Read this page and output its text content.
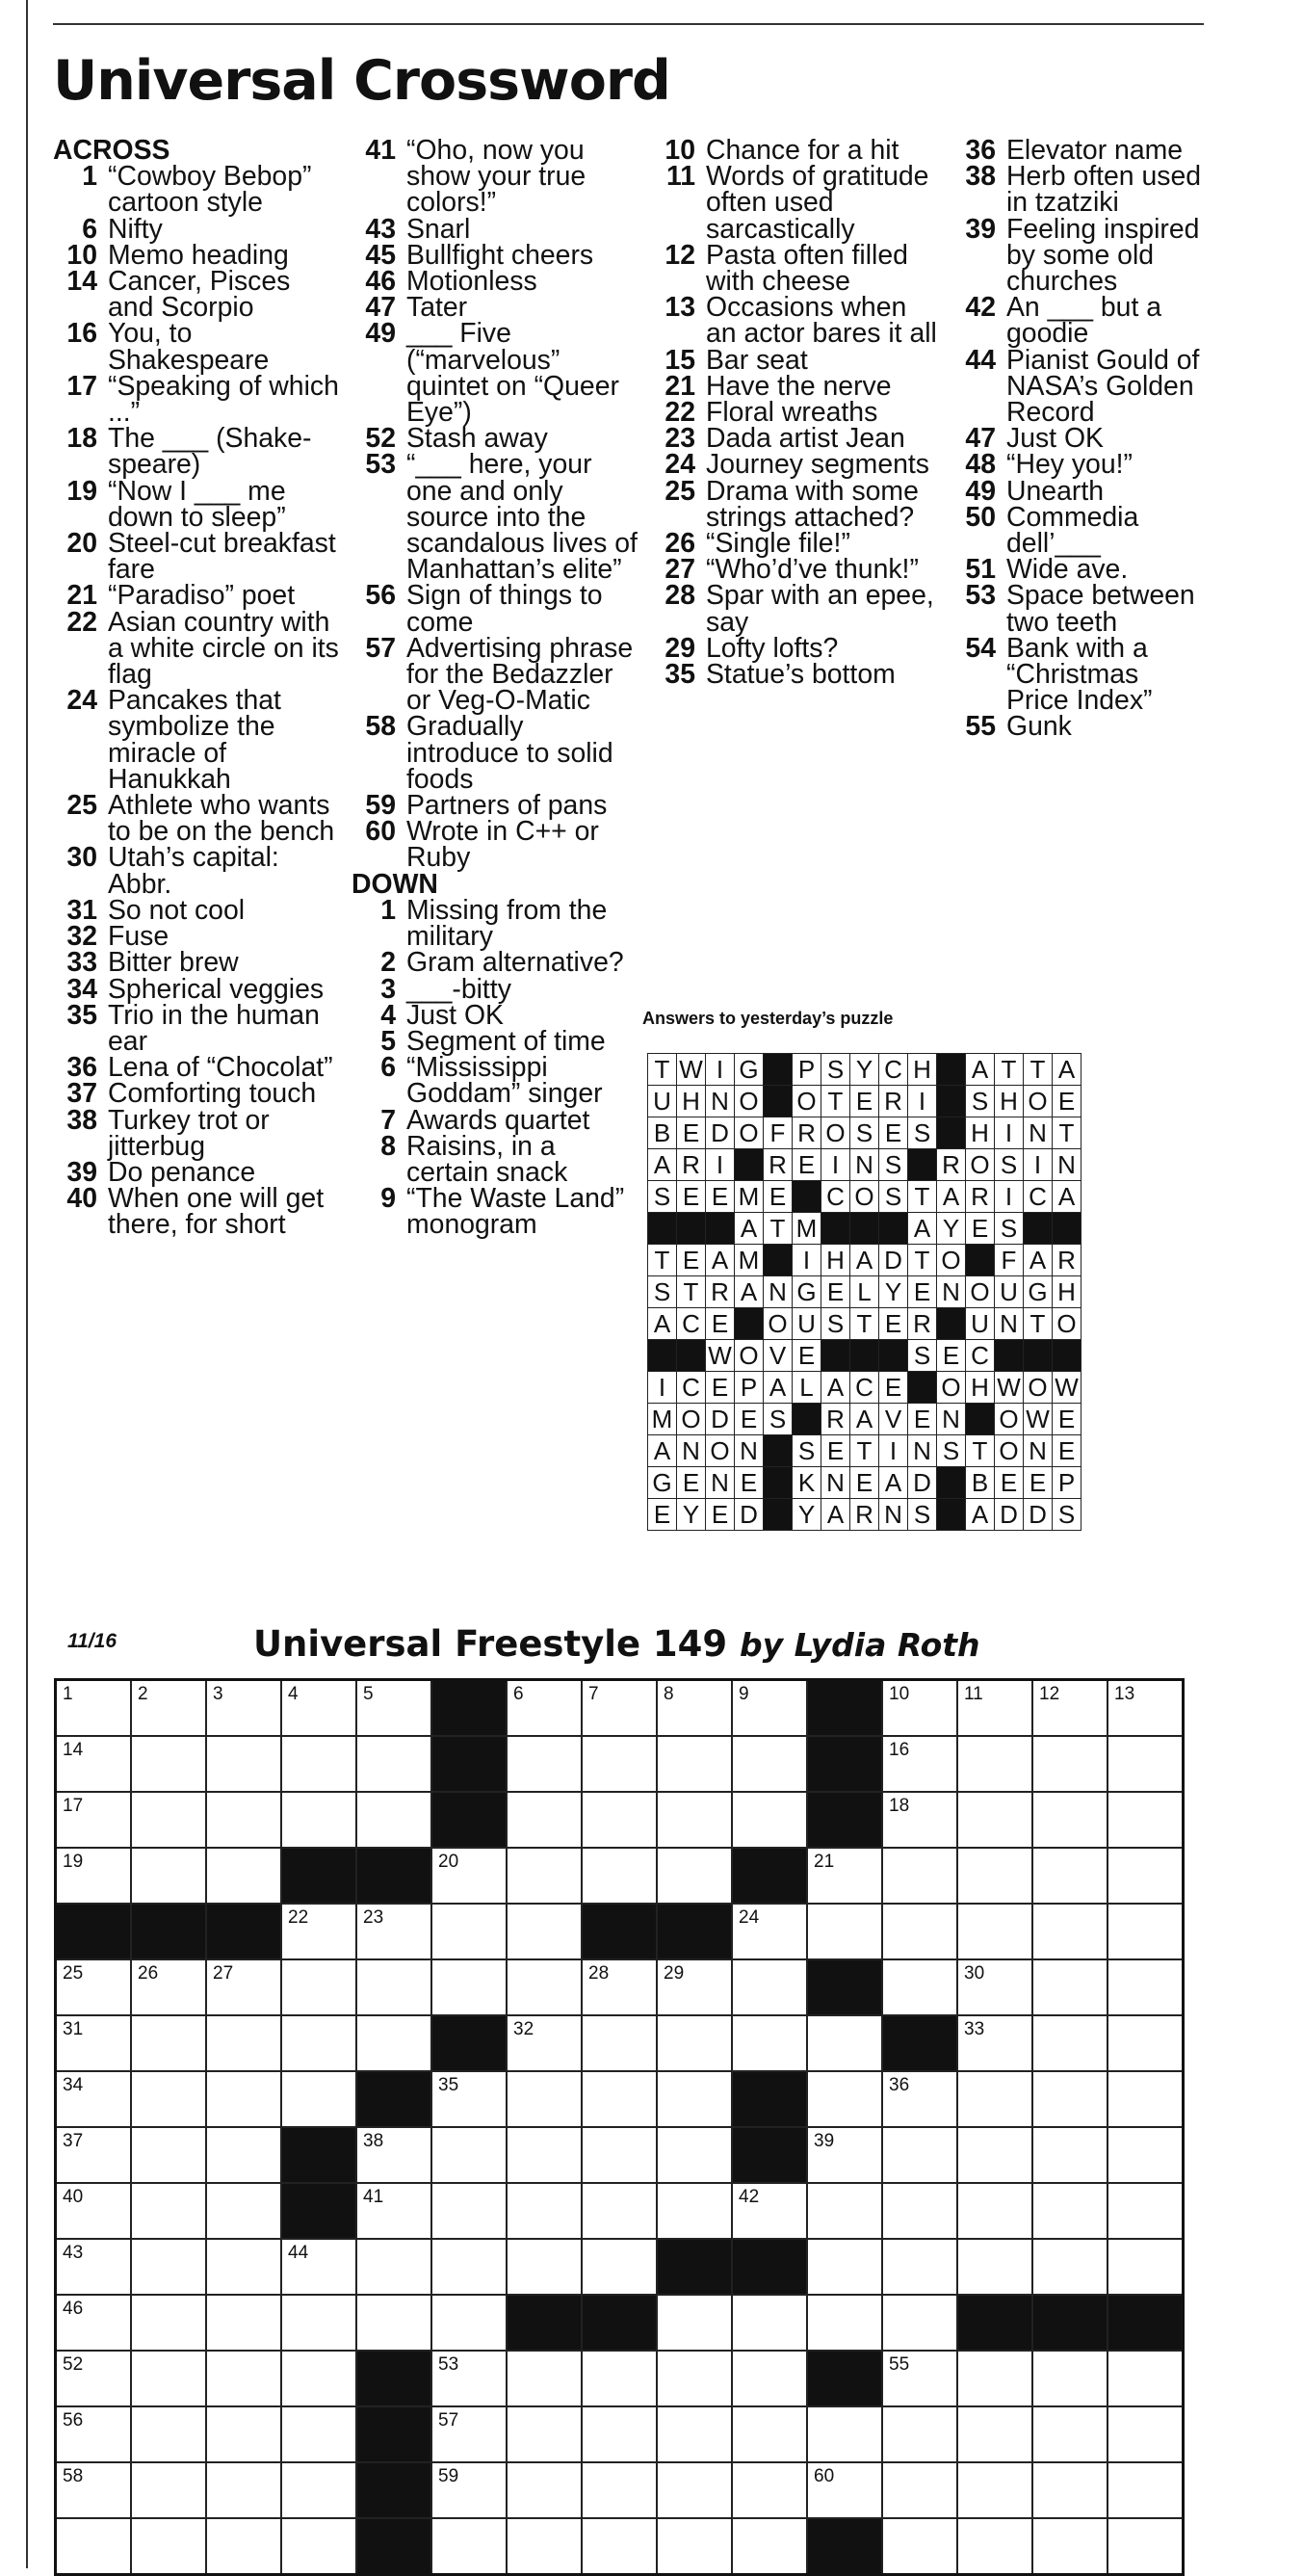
Universal Crossword
ACROSS
1 “Cowboy Bebop” cartoon style
6 Nifty
10 Memo heading
14 Cancer, Pisces and Scorpio
16 You, to Shakespeare
17 “Speaking of which ...”
18 The ___ (Shake-speare)
19 “Now I ___ me down to sleep”
20 Steel-cut breakfast fare
21 “Paradiso” poet
22 Asian country with a white circle on its flag
24 Pancakes that symbolize the miracle of Hanukkah
25 Athlete who wants to be on the bench
30 Utah’s capital: Abbr.
31 So not cool
32 Fuse
33 Bitter brew
34 Spherical veggies
35 Trio in the human ear
36 Lena of “Chocolat”
37 Comforting touch
38 Turkey trot or jitterbug
39 Do penance
40 When one will get there, for short
41 “Oho, now you show your true colors!”
43 Snarl
45 Bullfight cheers
46 Motionless
47 Tater
49 ___ Five (“marvelous” quintet on “Queer Eye”)
52 Stash away
53 “___ here, your one and only source into the scandalous lives of Manhattan’s elite”
56 Sign of things to come
57 Advertising phrase for the Bedazzler or Veg-O-Matic
58 Gradually introduce to solid foods
59 Partners of pans
60 Wrote in C++ or Ruby
DOWN
1 Missing from the military
2 Gram alternative?
3 ___-bitty
4 Just OK
5 Segment of time
6 “Mississippi Goddam” singer
7 Awards quartet
8 Raisins, in a certain snack
9 “The Waste Land” monogram
10 Chance for a hit
11 Words of gratitude often used sarcastically
12 Pasta often filled with cheese
13 Occasions when an actor bares it all
15 Bar seat
21 Have the nerve
22 Floral wreaths
23 Dada artist Jean
24 Journey segments
25 Drama with some strings attached?
26 “Single file!”
27 “Who’d’ve thunk!”
28 Spar with an epee, say
29 Lofty lofts?
35 Statue’s bottom
36 Elevator name
38 Herb often used in tzatziki
39 Feeling inspired by some old churches
42 An ___ but a goodie
44 Pianist Gould of NASA’s Golden Record
47 Just OK
48 “Hey you!”
49 Unearth
50 Commedia dell’___
51 Wide ave.
53 Space between two teeth
54 Bank with a “Christmas Price Index”
55 Gunk
Answers to yesterday’s puzzle
T	W	I	G		P	S	Y	C	H		A	T	T	A
U	H	N	O		O	T	E	R	I		S	H	O	E
B	E	D	O	F	R	O	S	E	S		H	I	N	T
A	R	I		R	E	I	N	S		R	O	S	I	N
S	E	E	M	E		C	O	S	T	A	R	I	C	A
			A	T	M				A	Y	E	S		
T	E	A	M		I	H	A	D	T	O		F	A	R
S	T	R	A	N	G	E	L	Y	E	N	O	U	G	H
A	C	E		O	U	S	T	E	R		U	N	T	O
		W	O	V	E				S	E	C			
I	C	E	P	A	L	A	C	E		O	H	W	O	W
M	O	D	E	S		R	A	V	E	N		O	W	E
A	N	O	N		S	E	T	I	N	S	T	O	N	E
G	E	N	E		K	N	E	A	D		B	E	E	P
E	Y	E	D		Y	A	R	N	S		A	D	D	S
11/16	Universal Freestyle 149 by Lydia Roth
1	2	3	4	5		6	7	8	9		10	11	12	13

14											16			

17											18			

19					20					21				

			22	23					24					

25	26	27					28	29				30		

31						32						33		

34					35						36			

37				38						39				

40				41					42					

43			44											

46														

52					53						55			

56					57									

58					59					60				
